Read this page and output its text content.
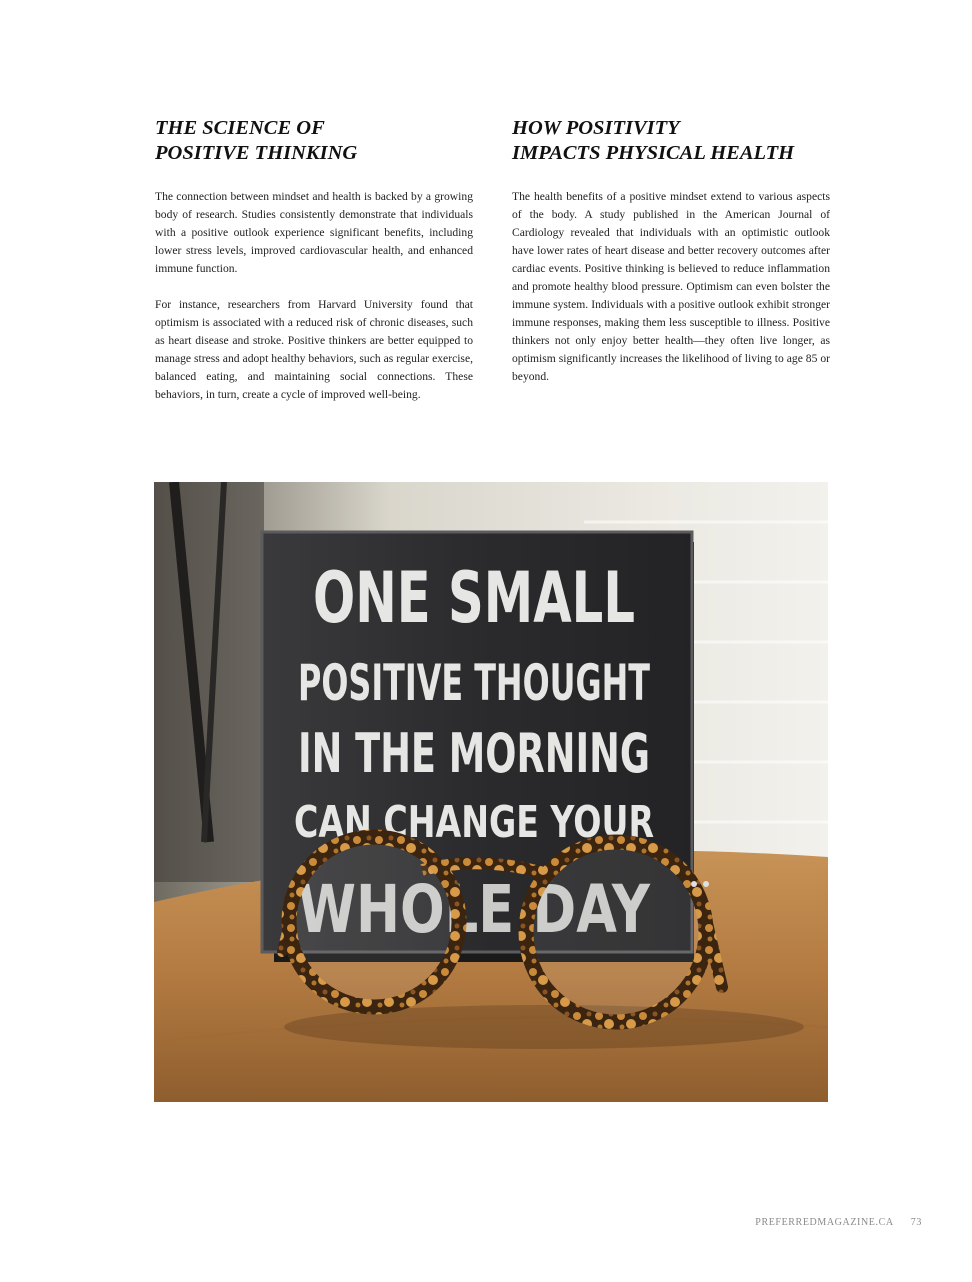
THE SCIENCE OF
POSITIVE THINKING

The connection between mindset and health is backed by a growing body of research. Studies consistently demonstrate that individuals with a positive outlook experience significant benefits, including lower stress levels, improved cardiovascular health, and enhanced immune function.

For instance, researchers from Harvard University found that optimism is associated with a reduced risk of chronic diseases, such as heart disease and stroke. Positive thinkers are better equipped to manage stress and adopt healthy behaviors, such as regular exercise, balanced eating, and maintaining social connections. These behaviors, in turn, create a cycle of improved well-being.

HOW POSITIVITY
IMPACTS PHYSICAL HEALTH

The health benefits of a positive mindset extend to various aspects of the body. A study published in the American Journal of Cardiology revealed that individuals with an optimistic outlook have lower rates of heart disease and better recovery outcomes after cardiac events. Positive thinking is believed to reduce inflammation and promote healthy blood pressure. Optimism can even bolster the immune system. Individuals with a positive outlook exhibit stronger immune responses, making them less susceptible to illness. Positive thinkers not only enjoy better health—they often live longer, as optimism significantly increases the likelihood of living to age 85 or beyond.

ONE SMALL
POSITIVE THOUGHT
IN THE MORNING
CAN CHANGE YOUR
WHOLE DAY
PREFERREDMAGAZINE.CA 73
